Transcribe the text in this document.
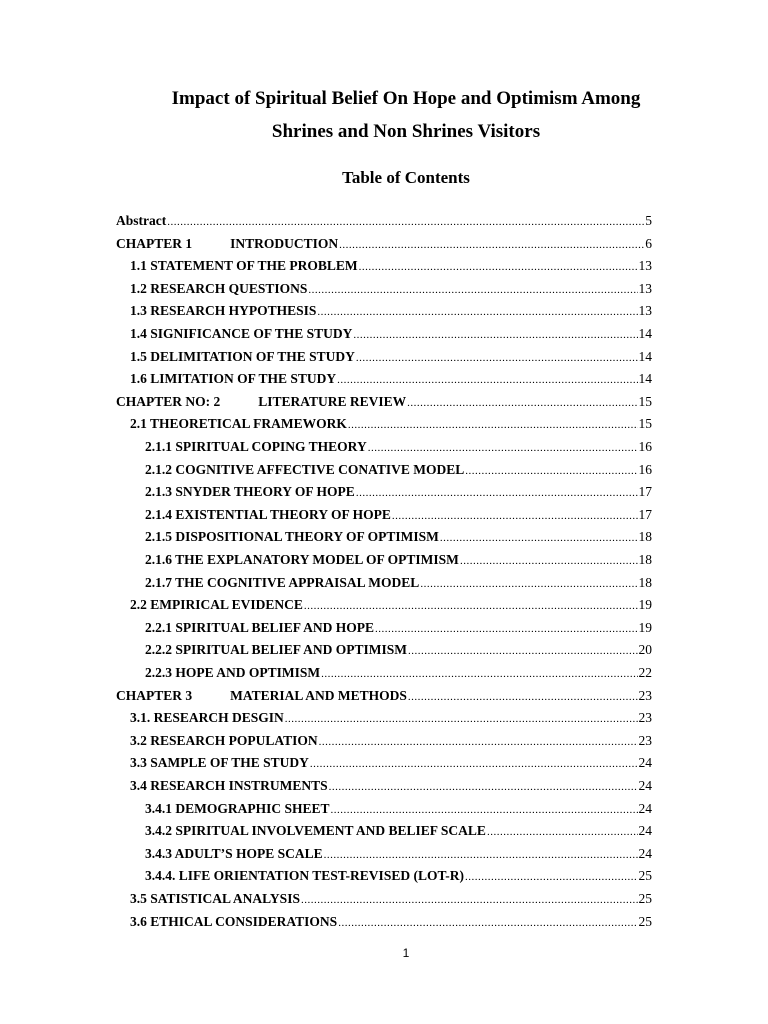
Impact of Spiritual Belief On Hope and Optimism Among
Shrines and Non Shrines Visitors
Table of Contents
Abstract .....	5
CHAPTER 1	INTRODUCTION .....	6
1.1 STATEMENT OF THE PROBLEM .....	13
1.2 RESEARCH QUESTIONS .....	13
1.3 RESEARCH HYPOTHESIS .....	13
1.4 SIGNIFICANCE OF THE STUDY .....	14
1.5 DELIMITATION OF THE STUDY .....	14
1.6 LIMITATION OF THE STUDY .....	14
CHAPTER NO: 2	LITERATURE REVIEW .....	15
2.1 THEORETICAL FRAMEWORK .....	15
2.1.1 SPIRITUAL COPING THEORY .....	16
2.1.2 COGNITIVE AFFECTIVE CONATIVE MODEL .....	16
2.1.3 SNYDER THEORY OF HOPE .....	17
2.1.4 EXISTENTIAL THEORY OF HOPE .....	17
2.1.5 DISPOSITIONAL THEORY OF OPTIMISM .....	18
2.1.6 THE EXPLANATORY MODEL OF OPTIMISM .....	18
2.1.7 THE COGNITIVE APPRAISAL MODEL .....	18
2.2 EMPIRICAL EVIDENCE .....	19
2.2.1 SPIRITUAL BELIEF AND HOPE .....	19
2.2.2 SPIRITUAL BELIEF AND OPTIMISM .....	20
2.2.3 HOPE AND OPTIMISM .....	22
CHAPTER 3	MATERIAL AND METHODS .....	23
3.1. RESEARCH DESGIN .....	23
3.2 RESEARCH POPULATION .....	23
3.3 SAMPLE OF THE STUDY .....	24
3.4 RESEARCH INSTRUMENTS .....	24
3.4.1 DEMOGRAPHIC SHEET .....	24
3.4.2 SPIRITUAL INVOLVEMENT AND BELIEF SCALE .....	24
3.4.3 ADULT’S HOPE SCALE .....	24
3.4.4. LIFE ORIENTATION TEST-REVISED (LOT-R) .....	25
3.5 SATISTICAL ANALYSIS .....	25
3.6 ETHICAL CONSIDERATIONS .....	25
1
